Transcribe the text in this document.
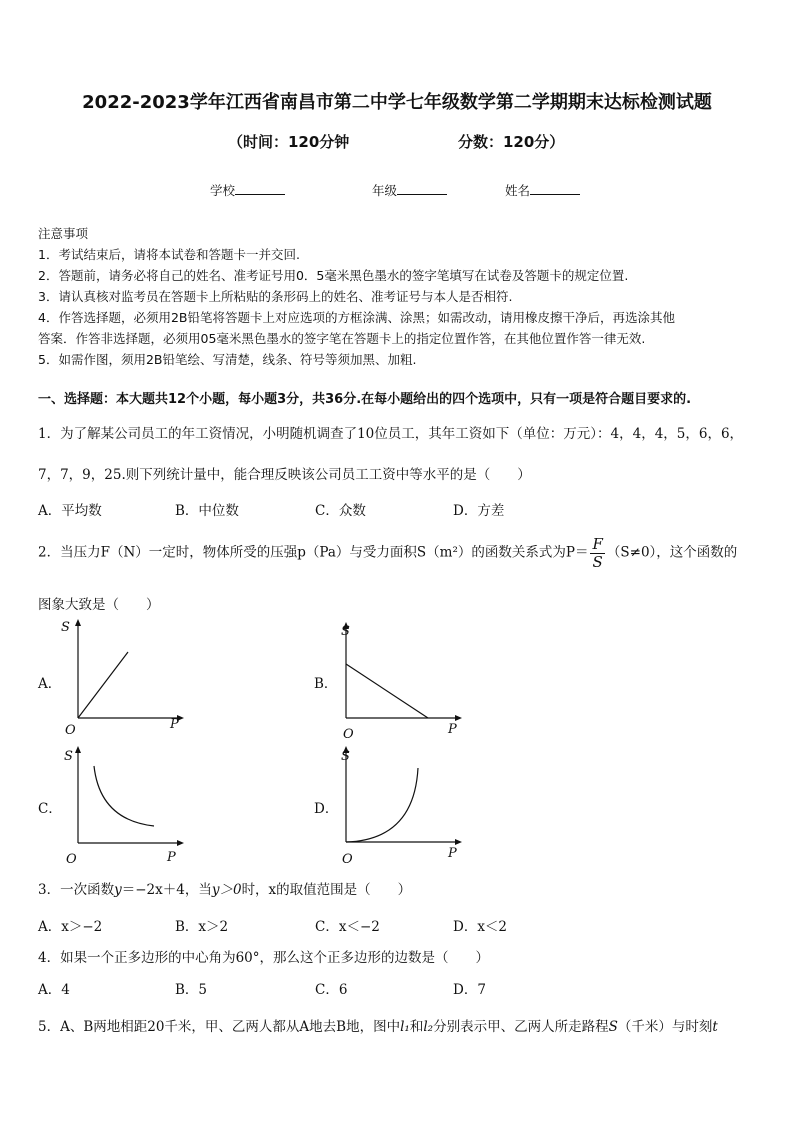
2022-2023学年江西省南昌市第二中学七年级数学第二学期期末达标检测试题
（时间：120分钟	分数：120分）
学校	年级	姓名
注意事项
1．考试结束后，请将本试卷和答题卡一并交回.
2．答题前，请务必将自己的姓名、准考证号用0．5毫米黑色墨水的签字笔填写在试卷及答题卡的规定位置.
3．请认真核对监考员在答题卡上所粘贴的条形码上的姓名、准考证号与本人是否相符.
4．作答选择题，必须用2B铅笔将答题卡上对应选项的方框涂满、涂黑；如需改动，请用橡皮擦干净后，再选涂其他
答案．作答非选择题，必须用05毫米黑色墨水的签字笔在答题卡上的指定位置作答，在其他位置作答一律无效.
5．如需作图，须用2B铅笔绘、写清楚，线条、符号等须加黑、加粗.
一、选择题：本大题共12个小题，每小题3分，共36分.在每小题给出的四个选项中，只有一项是符合题目要求的.
1．为了解某公司员工的年工资情况，小明随机调查了10位员工，其年工资如下（单位：万元）：4，4，4，5，6，6，
7，7，9，25.则下列统计量中，能合理反映该公司员工工资中等水平的是（　　）
A．平均数	B．中位数	C．众数	D．方差
2．当压力F（N）一定时，物体所受的压强p（Pa）与受力面积S（m²）的函数关系式为$P= \frac{F}{S} (S\ne 0)$，这个函数的
图象大致是（　　）
A．	B．
C．	D．
S
P
O
S
P
O
S
P
O
S
P
O
3．一次函数y＝−2x＋4，当y＞0时，x的取值范围是（　　）
A．x＞−2	B．x＞2	C．x＜−2	D．x＜2
4．如果一个正多边形的中心角为60°，那么这个正多边形的边数是（　　）
A．4	B．5	C．6	D．7
5．A、B两地相距20千米，甲、乙两人都从A地去B地，图中l₁和l₂分别表示甲、乙两人所走路程S（千米）与时刻t
